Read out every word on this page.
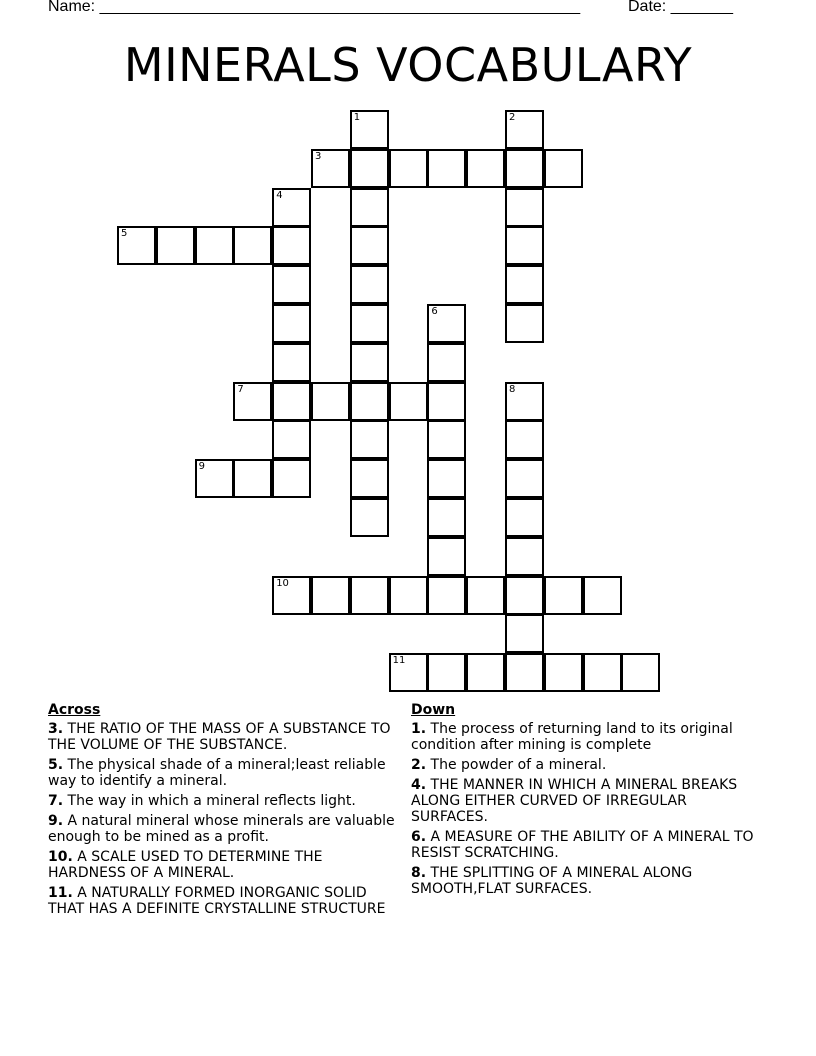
Name: ______________________________________________________	Date: _______
MINERALS VOCABULARY
1	2
3
4
5
6
7	8
9
10
11
Across
3. THE RATIO OF THE MASS OF A SUBSTANCE TO THE VOLUME OF THE SUBSTANCE.
5. The physical shade of a mineral;least reliable way to identify a mineral.
7. The way in which a mineral reflects light.
9. A natural mineral whose minerals are valuable enough to be mined as a profit.
10. A SCALE USED TO DETERMINE THE HARDNESS OF A MINERAL.
11. A NATURALLY FORMED INORGANIC SOLID THAT HAS A DEFINITE CRYSTALLINE STRUCTURE
Down
1. The process of returning land to its original condition after mining is complete
2. The powder of a mineral.
4. THE MANNER IN WHICH A MINERAL BREAKS ALONG EITHER CURVED OF IRREGULAR SURFACES.
6. A MEASURE OF THE ABILITY OF A MINERAL TO RESIST SCRATCHING.
8. THE SPLITTING OF A MINERAL ALONG SMOOTH,FLAT SURFACES.
